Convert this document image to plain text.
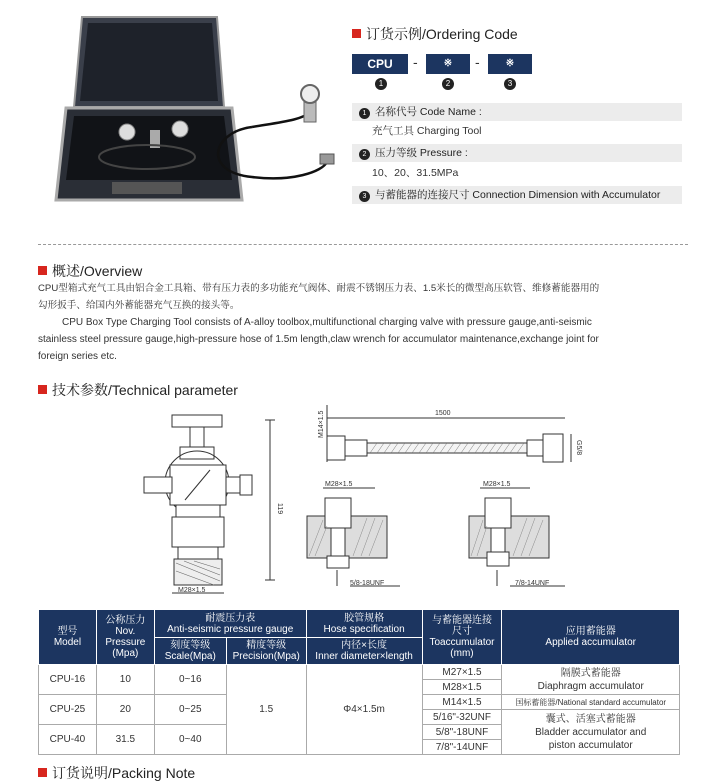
订货示例/Ordering Code
CPU	-	※	-	※
1	2	3
1 名称代号 Code Name :
充气工具 Charging Tool
2 压力等级 Pressure :
10、20、31.5MPa
3 与蓄能器的连接尺寸 Connection Dimension with Accumulator
概述/Overview
CPU型箱式充气工具由铝合金工具箱、带有压力表的多功能充气阀体、耐震不锈钢压力表、1.5米长的微型高压软管、维修蓄能器用的
勾形扳手、给国内外蓄能器充气互换的接头等。
CPU Box Type Charging Tool consists of A-alloy toolbox,multifunctional charging valve with pressure gauge,anti-seismic
stainless steel pressure gauge,high-pressure hose of 1.5m length,claw wrench for accumulator maintenance,exchange joint for
foreign series etc.
技术参数/Technical parameter
119
M28×1.5
M14×1.5	1500
G5/8
M28×1.5
5/8-18UNF
M28×1.5
7/8-14UNF
型号
Model	公称压力
Nov.
Pressure
(Mpa)	耐震压力表
Anti-seismic pressure gauge		胶管规格
Hose specification	与蓄能器连接
尺寸
Toaccumulator
(mm)	应用蓄能器
Applied accumulator
		刻度等级
Scale(Mpa)	精度等级
Precision(Mpa)	内径×长度
Inner diameter×length		
CPU-16	10	0~16	1.5	Φ4×1.5m	M27×1.5	隔膜式蓄能器
Diaphragm accumulator
					M28×1.5	
CPU-25	20	0~25			M14×1.5	国标蓄能器/National standard accumulator
					5/16"-32UNF	囊式、活塞式蓄能器
Bladder accumulator and
piston accumulator
CPU-40	31.5	0~40			5/8"-18UNF	
					7/8"-14UNF	
订货说明/Packing Note
